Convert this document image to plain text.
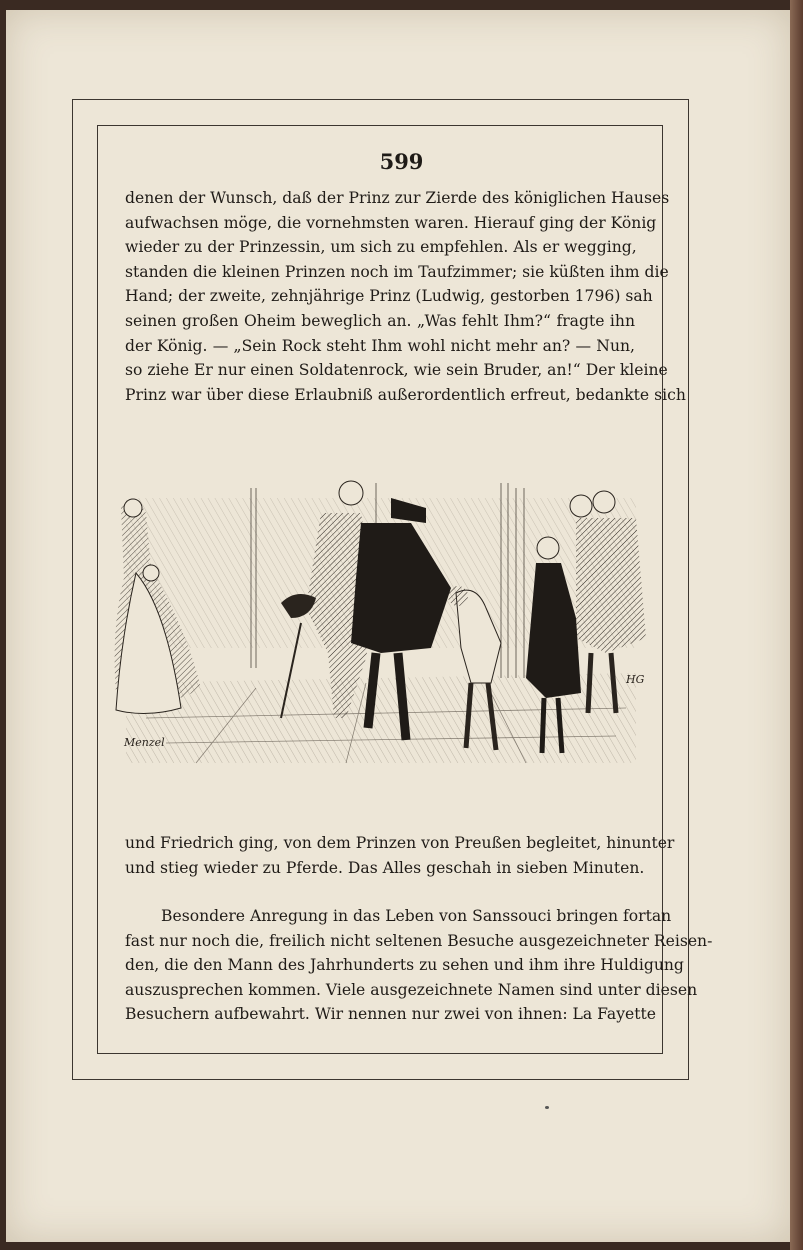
599
denen der Wunsch, daß der Prinz zur Zierde des königlichen Hauses
aufwachsen möge, die vornehmsten waren. Hierauf ging der König
wieder zu der Prinzessin, um sich zu empfehlen. Als er wegging,
standen die kleinen Prinzen noch im Taufzimmer; sie küßten ihm die
Hand; der zweite, zehnjährige Prinz (Ludwig, gestorben 1796) sah
seinen großen Oheim beweglich an. „Was fehlt Ihm?“ fragte ihn
der König. — „Sein Rock steht Ihm wohl nicht mehr an? — Nun,
so ziehe Er nur einen Soldatenrock, wie sein Bruder, an!“ Der kleine
Prinz war über diese Erlaubniß außerordentlich erfreut, bedankte sich
Menzel
HG
und Friedrich ging, von dem Prinzen von Preußen begleitet, hinunter
und stieg wieder zu Pferde. Das Alles geschah in sieben Minuten.
Besondere Anregung in das Leben von Sanssouci bringen fortan
fast nur noch die, freilich nicht seltenen Besuche ausgezeichneter Reisen-
den, die den Mann des Jahrhunderts zu sehen und ihm ihre Huldigung
auszusprechen kommen. Viele ausgezeichnete Namen sind unter diesen
Besuchern aufbewahrt. Wir nennen nur zwei von ihnen: La Fayette
